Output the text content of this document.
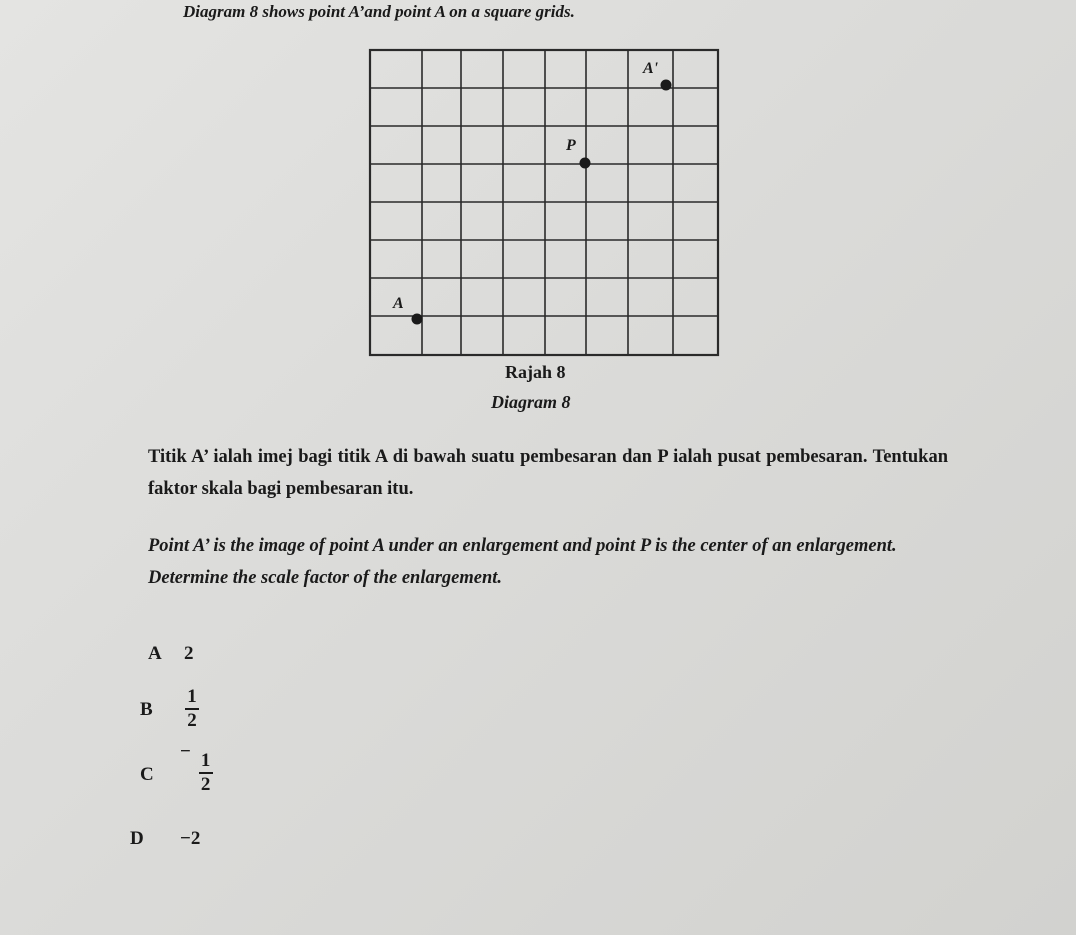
Diagram 8 shows point A’and point A on a square grids.
A'
P
A
Rajah 8
Diagram 8
Titik A’ ialah imej bagi titik A di bawah suatu pembesaran dan P ialah pusat pembesaran. Tentukan faktor skala bagi pembesaran itu.
Point A’ is the image of point A under an enlargement and point P is the center of an enlargement. Determine the scale factor of the enlargement.
A 2
B $\frac{1}{2}$
C
− $\frac{1}{2}$
D −2
